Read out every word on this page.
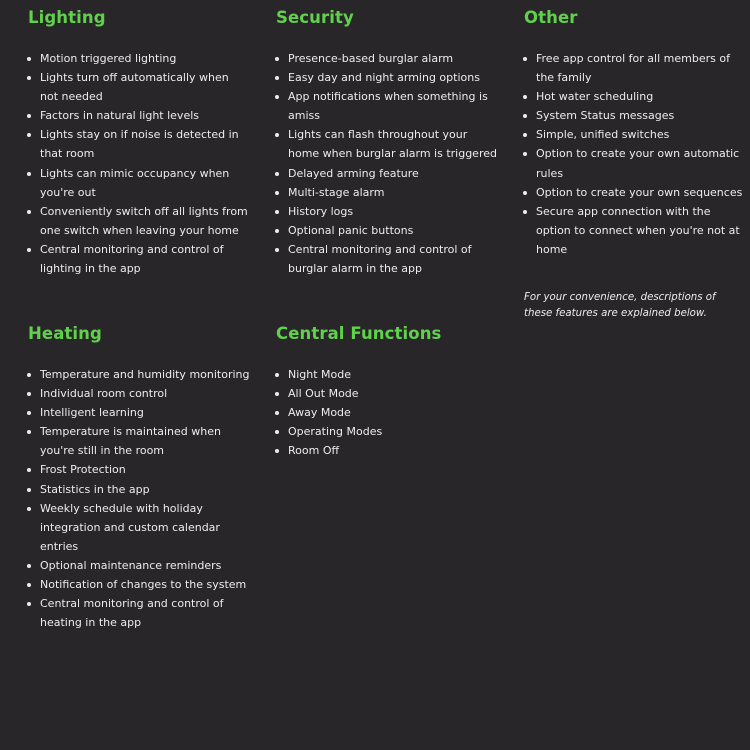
Lighting
Motion triggered lighting
Lights turn off automatically when not needed
Factors in natural light levels
Lights stay on if noise is detected in that room
Lights can mimic occupancy when you're out
Conveniently switch off all lights from one switch when leaving your home
Central monitoring and control of lighting in the app
Security
Presence-based burglar alarm
Easy day and night arming options
App notifications when something is amiss
Lights can flash throughout your home when burglar alarm is triggered
Delayed arming feature
Multi-stage alarm
History logs
Optional panic buttons
Central monitoring and control of burglar alarm in the app
Other
Free app control for all members of the family
Hot water scheduling
System Status messages
Simple, unified switches
Option to create your own automatic rules
Option to create your own sequences
Secure app connection with the option to connect when you're not at home
For your convenience, descriptions of these features are explained below.
Heating
Temperature and humidity monitoring
Individual room control
Intelligent learning
Temperature is maintained when you're still in the room
Frost Protection
Statistics in the app
Weekly schedule with holiday integration and custom calendar entries
Optional maintenance reminders
Notification of changes to the system
Central monitoring and control of heating in the app
Central Functions
Night Mode
All Out Mode
Away Mode
Operating Modes
Room Off
